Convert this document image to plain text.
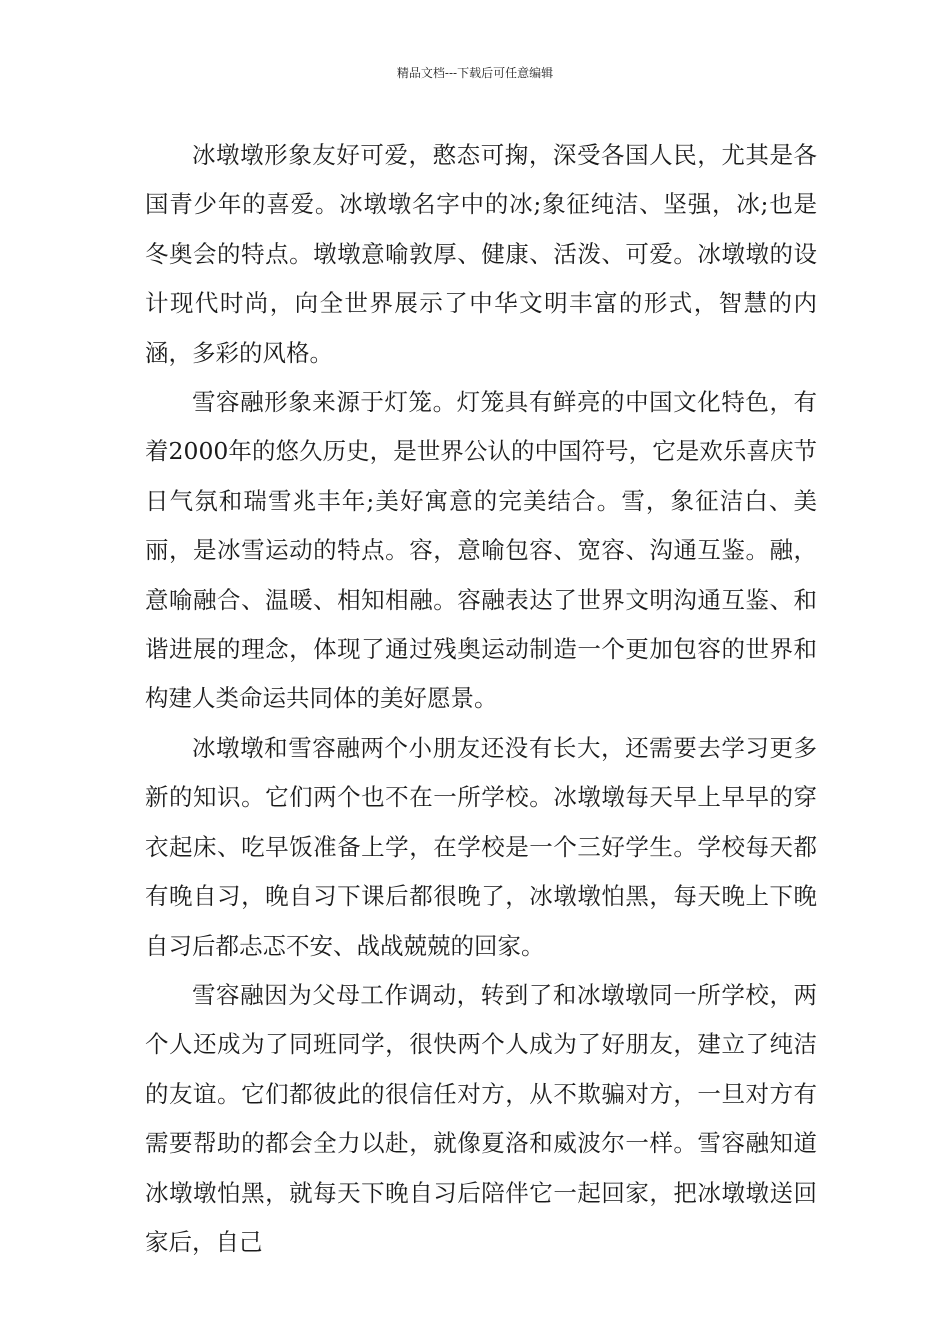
精品文档---下载后可任意编辑

冰墩墩形象友好可爱，憨态可掬，深受各国人民，尤其是各国青少年的喜爱。冰墩墩名字中的冰;象征纯洁、坚强，冰;也是冬奥会的特点。墩墩意喻敦厚、健康、活泼、可爱。冰墩墩的设计现代时尚，向全世界展示了中华文明丰富的形式，智慧的内涵，多彩的风格。

雪容融形象来源于灯笼。灯笼具有鲜亮的中国文化特色，有着2000年的悠久历史，是世界公认的中国符号，它是欢乐喜庆节日气氛和瑞雪兆丰年;美好寓意的完美结合。雪，象征洁白、美丽，是冰雪运动的特点。容，意喻包容、宽容、沟通互鉴。融，意喻融合、温暖、相知相融。容融表达了世界文明沟通互鉴、和谐进展的理念，体现了通过残奥运动制造一个更加包容的世界和构建人类命运共同体的美好愿景。

冰墩墩和雪容融两个小朋友还没有长大，还需要去学习更多新的知识。它们两个也不在一所学校。冰墩墩每天早上早早的穿衣起床、吃早饭准备上学，在学校是一个三好学生。学校每天都有晚自习，晚自习下课后都很晚了，冰墩墩怕黑，每天晚上下晚自习后都忐忑不安、战战兢兢的回家。

雪容融因为父母工作调动，转到了和冰墩墩同一所学校，两个人还成为了同班同学，很快两个人成为了好朋友，建立了纯洁的友谊。它们都彼此的很信任对方，从不欺骗对方，一旦对方有需要帮助的都会全力以赴，就像夏洛和威波尔一样。雪容融知道冰墩墩怕黑，就每天下晚自习后陪伴它一起回家，把冰墩墩送回家后，自己
